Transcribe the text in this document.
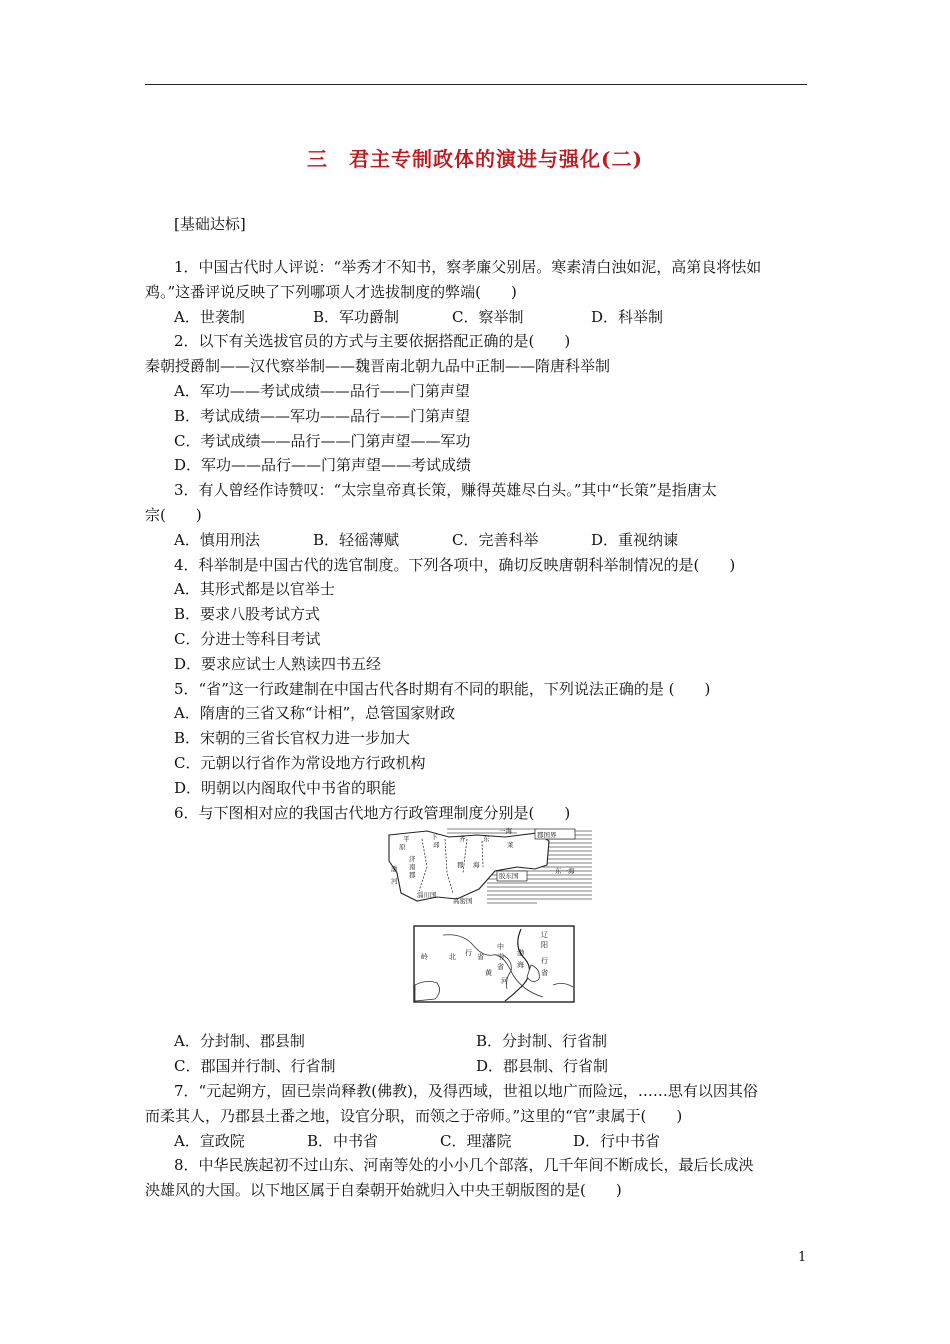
三　君主专制政体的演进与强化(二)
[基础达标]

1．中国古代时人评说：“举秀才不知书，察孝廉父别居。寒素清白浊如泥，高第良将怯如

鸡。”这番评说反映了下列哪项人才选拔制度的弊端(　　)

A．世袭制	B．军功爵制	C．察举制	D．科举制

2．以下有关选拔官员的方式与主要依据搭配正确的是(　　)

秦朝授爵制——汉代察举制——魏晋南北朝九品中正制——隋唐科举制

A．军功——考试成绩——品行——门第声望

B．考试成绩——军功——品行——门第声望

C．考试成绩——品行——门第声望——军功

D．军功——品行——门第声望——考试成绩

3．有人曾经作诗赞叹：“太宗皇帝真长策，赚得英雄尽白头。”其中“长策”是指唐太

宗(　　)

A．慎用刑法	B．轻徭薄赋	C．完善科举	D．重视纳谏

4．科举制是中国古代的选官制度。下列各项中，确切反映唐朝科举制情况的是(　　)

A．其形式都是以官举士

B．要求八股考试方式

C．分进士等科目考试

D．要求应试士人熟读四书五经

5．“省”这一行政建制在中国古代各时期有不同的职能，下列说法正确的是 (　　)

A．隋唐的三省又称“计相”，总管国家财政

B．宋朝的三省长官权力进一步加大

C．元朝以行省作为常设地方行政机构

D．明朝以内阁取代中书省的职能

6．与下图相对应的我国古代地方行政管理制度分别是(　　)

一海	郡国界
平
原
下
邳
齐	东
莱
济
南
郡
郡 海
胶东国
东一海
淄川国
高密国
渤
河
岭	北 行 省
辽
阳
行
省
中
书
省
黄
河
渤
海
A．分封制、郡县制	B．分封制、行省制
C．郡国并行制、行省制	D．郡县制、行省制

7．“元起朔方，固已崇尚释教(佛教)，及得西域，世祖以地广而险远，……思有以因其俗

而柔其人，乃郡县土番之地，设官分职，而领之于帝师。”这里的“官”隶属于(　　)

A．宣政院	B．中书省	C．理藩院	D．行中书省

8．中华民族起初不过山东、河南等处的小小几个部落，几千年间不断成长，最后长成泱

泱雄风的大国。以下地区属于自秦朝开始就归入中央王朝版图的是(　　)

1
